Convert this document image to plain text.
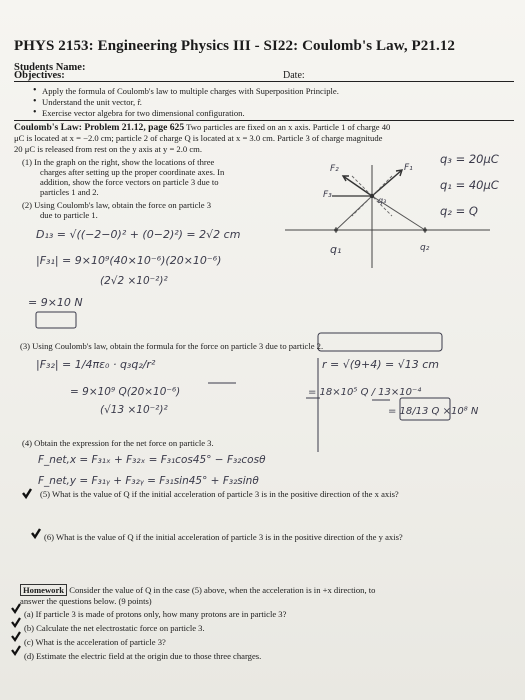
PHYS 2153: Engineering Physics III - SI22: Coulomb's Law, P21.12
Students Name:
Date:
Objectives:
• Apply the formula of Coulomb's law to multiple charges with Superposition Principle.
• Understand the unit vector, r̂.
• Exercise vector algebra for two dimensional configuration.
Coulomb's Law: Problem 21.12, page 625 Two particles are fixed on an x axis. Particle 1 of charge 40
μC is located at x = −2.0 cm; particle 2 of charge Q is located at x = 3.0 cm. Particle 3 of charge magnitude
20 μC is released from rest on the y axis at y = 2.0 cm.
(1) In the graph on the right, show the locations of three
charges after setting up the proper coordinate axes. In
addition, show the force vectors on particle 3 due to
particles 1 and 2.
(2) Using Coulomb's law, obtain the force on particle 3
due to particle 1.
F₃
F₂	F₁
q₃
q₁	q₂
q₃ = 20μC
q₁ = 40μC
q₂ = Q
D₁₃ = √((−2−0)² + (0−2)²) = 2√2 cm
|F₃₁| = 9×10⁹(40×10⁻⁶)(20×10⁻⁶)
(2√2 ×10⁻²)²
= 9×10 N
(3) Using Coulomb's law, obtain the formula for the force on particle 3 due to particle 2.
|F₃₂| = 1/4πε₀ · q₃q₂/r²	r = √(9+4) = √13 cm
= 9×10⁹ Q(20×10⁻⁶)
(√13 ×10⁻²)²
= 18×10⁵ Q / 13×10⁻⁴
= 18/13 Q ×10⁸ N
(4) Obtain the expression for the net force on particle 3.
F_net,x = F₃₁ₓ + F₃₂ₓ = F₃₁cos45° − F₃₂cosθ
F_net,y = F₃₁ᵧ + F₃₂ᵧ = F₃₁sin45° + F₃₂sinθ
(5) What is the value of Q if the initial acceleration of particle 3 is in the positive direction of the x axis?
(6) What is the value of Q if the initial acceleration of particle 3 is in the positive direction of the y axis?
Homework Consider the value of Q in the case (5) above, when the acceleration is in +x direction, to
answer the questions below. (9 points)
(a) If particle 3 is made of protons only, how many protons are in particle 3?
(b) Calculate the net electrostatic force on particle 3.
(c) What is the acceleration of particle 3?
(d) Estimate the electric field at the origin due to those three charges.
